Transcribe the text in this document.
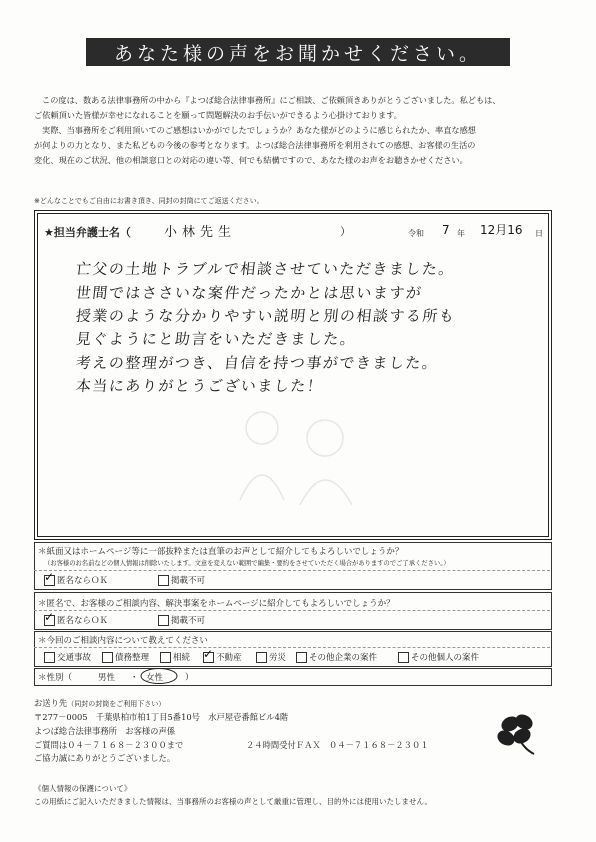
あなた様の声をお聞かせください。
この度は、数ある法律事務所の中から『よつば総合法律事務所』にご相談、ご依頼頂きありがとうございました。私どもは、
ご依頼頂いた皆様が幸せになれることを願って問題解決のお手伝いができるよう心掛けております。
実際、当事務所をご利用頂いてのご感想はいかがでしたでしょうか？あなた様がどのように感じられたか、率直な感想
が何よりの力となり、また私どもの今後の参考となります。よつば総合法律事務所を利用されての感想、お客様の生活の
変化、現在のご状況、他の相談窓口との対応の違い等、何でも結構ですので、あなた様のお声をお聴きかせください。
※どんなことでもご自由にお書き頂き、同封の封筒にてご返送ください。
★担当弁護士名（	小林先生	）	令和 7 年 12月16 日
亡父の土地トラブルで相談させていただきました。
世間ではささいな案件だったかとは思いますが
授業のような分かりやすい説明と別の相談する所も
見ぐようにと助言をいただきました。
考えの整理がつき、自信を持つ事ができました。
本当にありがとうございました！
＊紙面又はホームページ等に一部抜粋または直筆のお声として紹介してもよろしいでしょうか？
（お客様のお名前などの個人情報は削除いたします。文意を変えない範囲で編集・要約をさせていただく場合がありますのでご了承ください。）
✓匿名ならＯＫ	掲載不可
＊匿名で、お客様のご相談内容、解決事案をホームページに紹介してもよろしいでしょうか？
✓匿名ならＯＫ	掲載不可
＊今回のご相談内容について教えてください
交通事故	債務整理	相続
✓	不動産	労災	その他企業の案件	その他個人の案件
＊性別（	男性 ・ 女性	）
お送り先（同封の封筒をご利用下さい）
〒277－0005　千葉県柏市柏1丁目5番10号　水戸屋壱番館ビル4階
よつば総合法律事務所　お客様の声係
ご質問は０４－７１６８－２３００まで	２４時間受付ＦＡＸ　０４－７１６８－２３０１
ご協力誠にありがとうございました。
《個人情報の保護について》
この用紙にご記入いただきました情報は、当事務所のお客様の声として厳重に管理し、目的外には使用いたしません。
